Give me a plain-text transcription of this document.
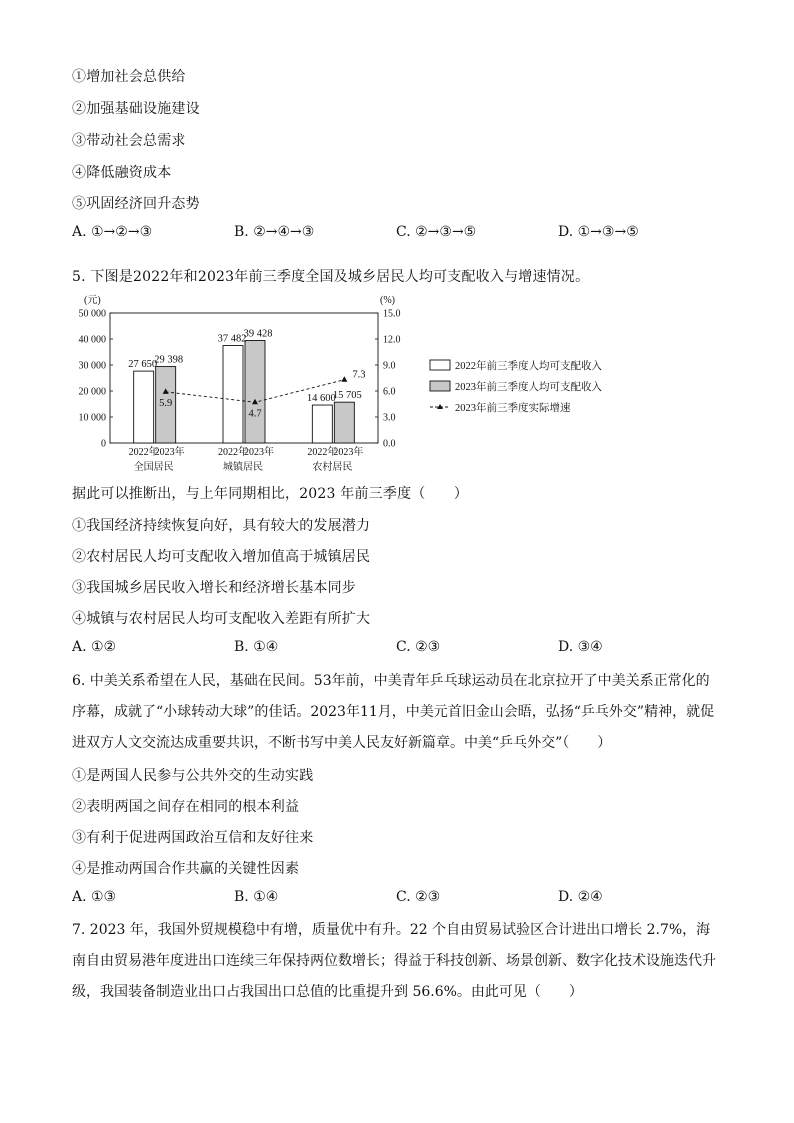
①增加社会总供给
②加强基础设施建设
③带动社会总需求
④降低融资成本
⑤巩固经济回升态势
A. ①→②→③	B. ②→④→③	C. ②→③→⑤	D. ①→③→⑤
5. 下图是2022年和2023年前三季度全国及城乡居民人均可支配收入与增速情况。
(元)	(%)
50 000
40 000
30 000
20 000
10 000
0
15.0
12.0
9.0
6.0
3.0
0.0
27 650
29 398
2022年
2023年
全国居民
37 482
39 428
2022年
2023年
城镇居民
14 600
15 705
2022年
2023年
农村居民
5.9
4.7
7.3
2022年前三季度人均可支配收入
2023年前三季度人均可支配收入
2023年前三季度实际增速
据此可以推断出，与上年同期相比，2023 年前三季度（　　）
①我国经济持续恢复向好，具有较大的发展潜力
②农村居民人均可支配收入增加值高于城镇居民
③我国城乡居民收入增长和经济增长基本同步
④城镇与农村居民人均可支配收入差距有所扩大
A. ①②	B. ①④	C. ②③	D. ③④
6. 中美关系希望在人民，基础在民间。53年前，中美青年乒乓球运动员在北京拉开了中美关系正常化的序幕，成就了“小球转动大球”的佳话。2023年11月，中美元首旧金山会晤，弘扬“乒乓外交”精神，就促进双方人文交流达成重要共识，不断书写中美人民友好新篇章。中美“乒乓外交”（　　）
①是两国人民参与公共外交的生动实践
②表明两国之间存在相同的根本利益
③有利于促进两国政治互信和友好往来
④是推动两国合作共赢的关键性因素
A. ①③	B. ①④	C. ②③	D. ②④
7. 2023 年，我国外贸规模稳中有增，质量优中有升。22 个自由贸易试验区合计进出口增长 2.7%，海南自由贸易港年度进出口连续三年保持两位数增长；得益于科技创新、场景创新、数字化技术设施迭代升级，我国装备制造业出口占我国出口总值的比重提升到 56.6%。由此可见（　　）
